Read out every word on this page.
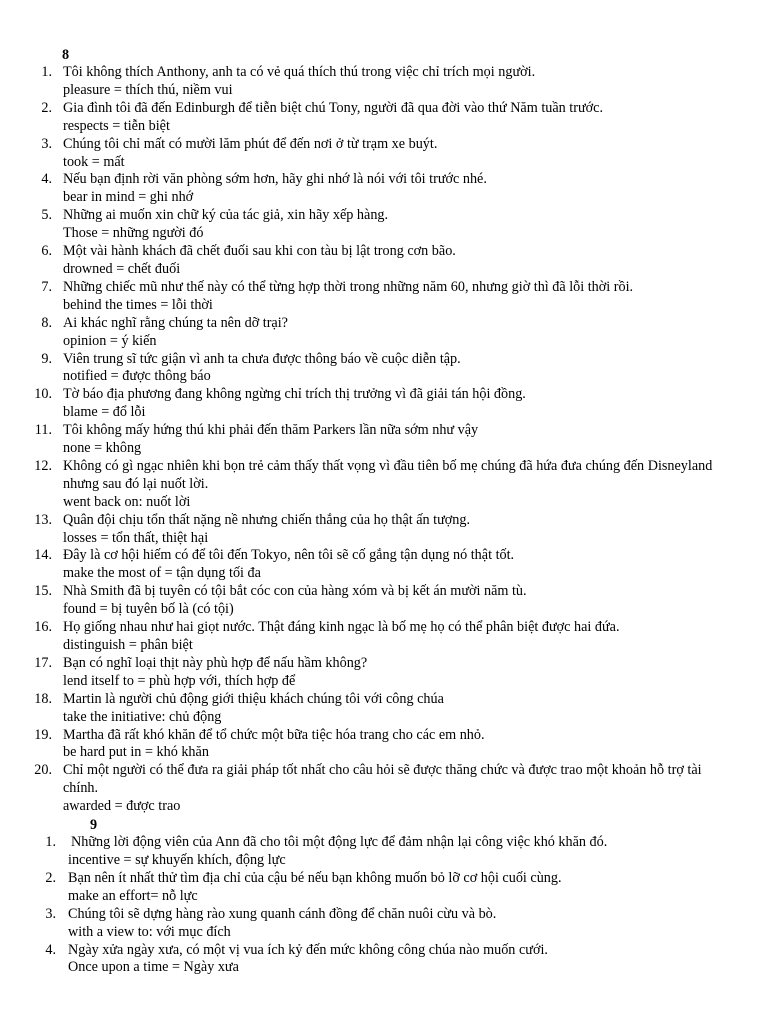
8
1. Tôi không thích Anthony, anh ta có vẻ quá thích thú trong việc chỉ trích mọi người.
pleasure = thích thú, niềm vui
2. Gia đình tôi đã đến Edinburgh để tiễn biệt chú Tony, người đã qua đời vào thứ Năm tuần trước.
respects = tiễn biệt
3. Chúng tôi chỉ mất có mười lăm phút để đến nơi ở từ trạm xe buýt.
took = mất
4. Nếu bạn định rời văn phòng sớm hơn, hãy ghi nhớ là nói với tôi trước nhé.
bear in mind = ghi nhớ
5. Những ai muốn xin chữ ký của tác giả, xin hãy xếp hàng.
Those = những người đó
6. Một vài hành khách đã chết đuối sau khi con tàu bị lật trong cơn bão.
drowned = chết đuối
7. Những chiếc mũ như thế này có thể từng hợp thời trong những năm 60, nhưng giờ thì đã lỗi thời rồi.
behind the times = lỗi thời
8. Ai khác nghĩ rằng chúng ta nên dỡ trại?
opinion = ý kiến
9. Viên trung sĩ tức giận vì anh ta chưa được thông báo về cuộc diễn tập.
notified = được thông báo
10. Tờ báo địa phương đang không ngừng chỉ trích thị trưởng vì đã giải tán hội đồng.
blame = đổ lỗi
11. Tôi không mấy hứng thú khi phải đến thăm Parkers lần nữa sớm như vậy
none = không
12. Không có gì ngạc nhiên khi bọn trẻ cảm thấy thất vọng vì đầu tiên bố mẹ chúng đã hứa đưa chúng đến Disneyland nhưng sau đó lại nuốt lời.
went back on: nuốt lời
13. Quân đội chịu tổn thất nặng nề nhưng chiến thắng của họ thật ấn tượng.
losses = tổn thất, thiệt hại
14. Đây là cơ hội hiếm có để tôi đến Tokyo, nên tôi sẽ cố gắng tận dụng nó thật tốt.
make the most of = tận dụng tối đa
15. Nhà Smith đã bị tuyên có tội bắt cóc con của hàng xóm và bị kết án mười năm tù.
found = bị tuyên bố là (có tội)
16. Họ giống nhau như hai giọt nước. Thật đáng kinh ngạc là bố mẹ họ có thể phân biệt được hai đứa.
distinguish = phân biệt
17. Bạn có nghĩ loại thịt này phù hợp để nấu hầm không?
lend itself to = phù hợp với, thích hợp để
18. Martin là người chủ động giới thiệu khách chúng tôi với công chúa
take the initiative: chủ động
19. Martha đã rất khó khăn để tổ chức một bữa tiệc hóa trang cho các em nhỏ.
be hard put in = khó khăn
20. Chỉ một người có thể đưa ra giải pháp tốt nhất cho câu hỏi sẽ được thăng chức và được trao một khoản hỗ trợ tài chính.
awarded = được trao
9
1. Những lời động viên của Ann đã cho tôi một động lực để đảm nhận lại công việc khó khăn đó.
incentive = sự khuyến khích, động lực
2. Bạn nên ít nhất thử tìm địa chỉ của cậu bé nếu bạn không muốn bỏ lỡ cơ hội cuối cùng.
make an effort= nỗ lực
3. Chúng tôi sẽ dựng hàng rào xung quanh cánh đồng để chăn nuôi cừu và bò.
with a view to: với mục đích
4. Ngày xửa ngày xưa, có một vị vua ích kỷ đến mức không công chúa nào muốn cưới.
Once upon a time = Ngày xưa
